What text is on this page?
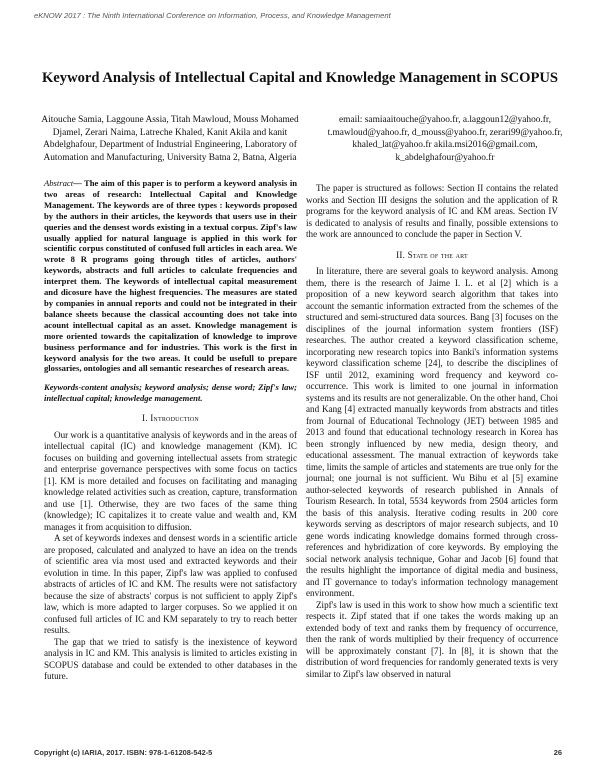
eKNOW 2017 : The Ninth International Conference on Information, Process, and Knowledge Management
Keyword Analysis of Intellectual Capital and Knowledge Management in SCOPUS
Aitouche Samia, Laggoune Assia, Titah Mawloud, Mouss Mohamed Djamel, Zerari Naima, Latreche Khaled, Kanit Akila and kanit Abdelghafour, Department of Industrial Engineering, Laboratory of Automation and Manufacturing, University Batna 2, Batna, Algeria
email: samiaaitouche@yahoo.fr, a.laggoun12@yahoo.fr, t.mawloud@yahoo.fr, d_mouss@yahoo.fr, zerari99@yahoo.fr, khaled_lat@yahoo.fr akila.msi2016@gmail.com, k_abdelghafour@yahoo.fr

Abstract— The aim of this paper is to perform a keyword analysis in two areas of research: Intellectual Capital and Knowledge Management. The keywords are of three types : keywords proposed by the authors in their articles, the keywords that users use in their queries and the densest words existing in a textual corpus. Zipf's law usually applied for natural language is applied in this work for scientific corpus constituted of confused full articles in each area. We wrote 8 R programs going through titles of articles, authors' keywords, abstracts and full articles to calculate frequencies and interpret them. The keywords of intellectual capital measurement and dicosure have the highest frequencies. The measures are stated by companies in annual reports and could not be integrated in their balance sheets because the classical accounting does not take into acount intellectual capital as an asset. Knowledge management is more oriented towards the capitalization of knowledge to improve business performance and for industries. This work is the first in keyword analysis for the two areas. It could be usefull to prepare glossaries, ontologies and all semantic researches of research areas.

Keywords-content analysis; keyword analysis; dense word; Zipf's law; intellectual capital; knowledge management.

I. Introduction

Our work is a quantitative analysis of keywords and in the areas of intellectual capital (IC) and knowledge management (KM). IC focuses on building and governing intellectual assets from strategic and enterprise governance perspectives with some focus on tactics [1]. KM is more detailed and focuses on facilitating and managing knowledge related activities such as creation, capture, transformation and use [1]. Otherwise, they are two faces of the same thing (knowledge); IC capitalizes it to create value and wealth and, KM manages it from acquisition to diffusion.

A set of keywords indexes and densest words in a scientific article are proposed, calculated and analyzed to have an idea on the trends of scientific area via most used and extracted keywords and their evolution in time. In this paper, Zipf's law was applied to confused abstracts of articles of IC and KM. The results were not satisfactory because the size of abstracts' corpus is not sufficient to apply Zipf's law, which is more adapted to larger corpuses. So we applied it on confused full articles of IC and KM separately to try to reach better results.

The gap that we tried to satisfy is the inexistence of keyword analysis in IC and KM. This analysis is limited to articles existing in SCOPUS database and could be extended to other databases in the future.

The paper is structured as follows: Section II contains the related works and Section III designs the solution and the application of R programs for the keyword analysis of IC and KM areas. Section IV is dedicated to analysis of results and finally, possible extensions to the work are announced to conclude the paper in Section V.

II. State of the art

In literature, there are several goals to keyword analysis. Among them, there is the research of Jaime I. L. et al [2] which is a proposition of a new keyword search algorithm that takes into account the semantic information extracted from the schemes of the structured and semi-structured data sources. Bang [3] focuses on the disciplines of the journal information system frontiers (ISF) researches. The author created a keyword classification scheme, incorporating new research topics into Banki's information systems keyword classification scheme [24], to describe the disciplines of ISF until 2012, examining word frequency and keyword co-occurrence. This work is limited to one journal in information systems and its results are not generalizable. On the other hand, Choi and Kang [4] extracted manually keywords from abstracts and titles from Journal of Educational Technology (JET) between 1985 and 2013 and found that educational technology research in Korea has been strongly influenced by new media, design theory, and educational assessment. The manual extraction of keywords take time, limits the sample of articles and statements are true only for the journal; one journal is not sufficient. Wu Bihu et al [5] examine author-selected keywords of research published in Annals of Tourism Research. In total, 5534 keywords from 2504 articles form the basis of this analysis. Iterative coding results in 200 core keywords serving as descriptors of major research subjects, and 10 gene words indicating knowledge domains formed through cross-references and hybridization of core keywords. By employing the social network analysis technique, Gohar and Jacob [6] found that the results highlight the importance of digital media and business, and IT governance to today's information technology management environment.

Zipf's law is used in this work to show how much a scientific text respects it. Zipf stated that if one takes the words making up an extended body of text and ranks them by frequency of occurrence, then the rank of words multiplied by their frequency of occurrence will be approximately constant [7]. In [8], it is shown that the distribution of word frequencies for randomly generated texts is very similar to Zipf's law observed in natural

Copyright (c) IARIA, 2017. ISBN: 978-1-61208-542-5	26
